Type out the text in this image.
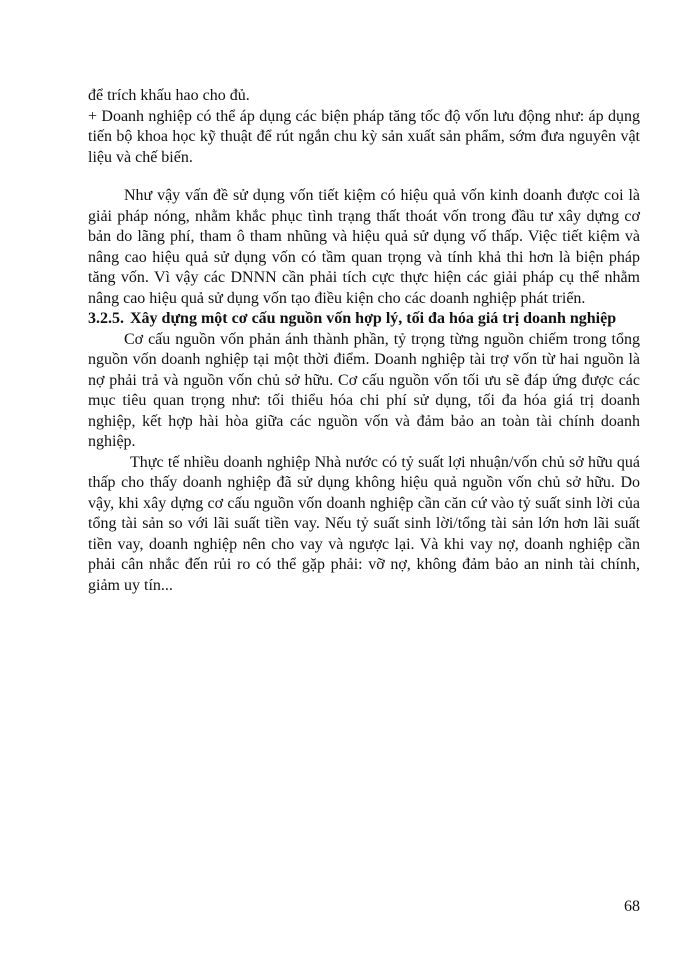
để trích khấu hao cho đủ.

+ Doanh nghiệp có thể áp dụng các biện pháp tăng tốc độ vốn lưu động như: áp dụng tiến bộ khoa học kỹ thuật để rút ngắn chu kỳ sản xuất sản phẩm, sớm đưa nguyên vật liệu và chế biến.

Như vậy vấn đề sử dụng vốn tiết kiệm có hiệu quả vốn kinh doanh được coi là giải pháp nóng, nhằm khắc phục tình trạng thất thoát vốn trong đầu tư xây dựng cơ bản do lãng phí, tham ô tham nhũng và hiệu quả sử dụng vố thấp. Việc tiết kiệm và nâng cao hiệu quả sử dụng vốn có tầm quan trọng và tính khả thi hơn là biện pháp tăng vốn. Vì vậy các DNNN cần phải tích cực thực hiện các giải pháp cụ thể nhằm nâng cao hiệu quả sử dụng vốn tạo điều kiện cho các doanh nghiệp phát triển.

3.2.5. Xây dựng một cơ cấu nguồn vốn hợp lý, tối đa hóa giá trị doanh nghiệp

Cơ cấu nguồn vốn phản ánh thành phần, tỷ trọng từng nguồn chiếm trong tổng nguồn vốn doanh nghiệp tại một thời điểm. Doanh nghiệp tài trợ vốn từ hai nguồn là nợ phải trả và nguồn vốn chủ sở hữu. Cơ cấu nguồn vốn tối ưu sẽ đáp ứng được các mục tiêu quan trọng như: tối thiểu hóa chi phí sử dụng, tối đa hóa giá trị doanh nghiệp, kết hợp hài hòa giữa các nguồn vốn và đảm bảo an toàn tài chính doanh nghiệp.

Thực tế nhiều doanh nghiệp Nhà nước có tỷ suất lợi nhuận/vốn chủ sở hữu quá thấp cho thấy doanh nghiệp đã sử dụng không hiệu quả nguồn vốn chủ sở hữu. Do vậy, khi xây dựng cơ cấu nguồn vốn doanh nghiệp cần căn cứ vào tỷ suất sinh lời của tổng tài sản so với lãi suất tiền vay. Nếu tỷ suất sinh lời/tổng tài sản lớn hơn lãi suất tiền vay, doanh nghiệp nên cho vay và ngược lại. Và khi vay nợ, doanh nghiệp cần phải cân nhắc đến rủi ro có thể gặp phải: vỡ nợ, không đảm bảo an ninh tài chính, giảm uy tín...

68
